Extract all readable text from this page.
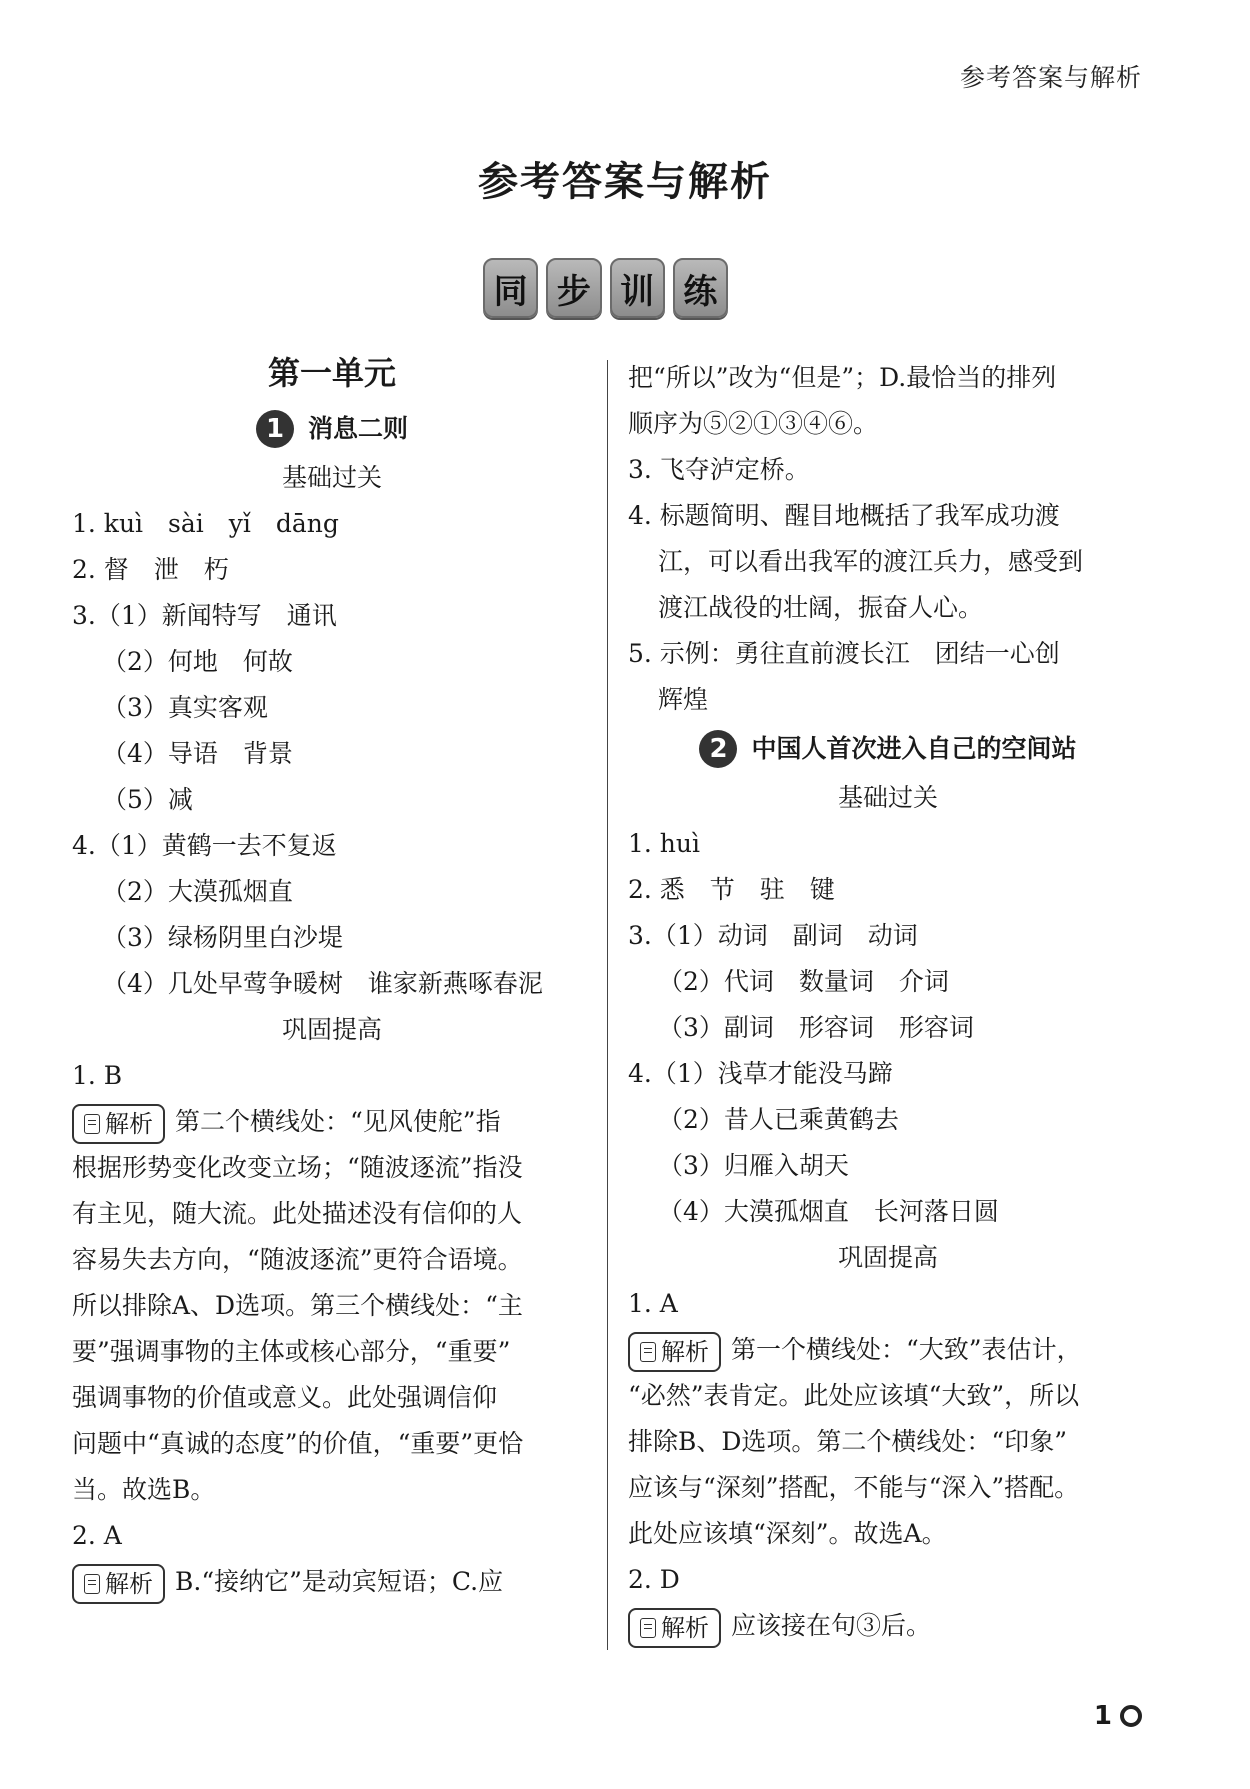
参考答案与解析
参考答案与解析
同 步 训 练
第一单元
1 消息二则
基础过关
1. kuì　sài　yǐ　dāng
2. 督　泄　朽
3.（1）新闻特写　通讯
（2）何地　何故
（3）真实客观
（4）导语　背景
（5）减
4.（1）黄鹤一去不复返
（2）大漠孤烟直
（3）绿杨阴里白沙堤
（4）几处早莺争暖树　谁家新燕啄春泥
巩固提高
1. B
解析 第二个横线处：“见风使舵”指
根据形势变化改变立场；“随波逐流”指没
有主见，随大流。此处描述没有信仰的人
容易失去方向，“随波逐流”更符合语境。
所以排除A、D选项。第三个横线处：“主
要”强调事物的主体或核心部分，“重要”
强调事物的价值或意义。此处强调信仰
问题中“真诚的态度”的价值，“重要”更恰
当。故选B。
2. A
解析 B.“接纳它”是动宾短语；C.应
把“所以”改为“但是”；D.最恰当的排列
顺序为⑤②①③④⑥。
3. 飞夺泸定桥。
4. 标题简明、醒目地概括了我军成功渡
江，可以看出我军的渡江兵力，感受到
渡江战役的壮阔，振奋人心。
5. 示例：勇往直前渡长江　团结一心创
辉煌
2 中国人首次进入自己的空间站
基础过关
1. huì
2. 悉　节　驻　键
3.（1）动词　副词　动词
（2）代词　数量词　介词
（3）副词　形容词　形容词
4.（1）浅草才能没马蹄
（2）昔人已乘黄鹤去
（3）归雁入胡天
（4）大漠孤烟直　长河落日圆
巩固提高
1. A
解析 第一个横线处：“大致”表估计，
“必然”表肯定。此处应该填“大致”，所以
排除B、D选项。第二个横线处：“印象”
应该与“深刻”搭配，不能与“深入”搭配。
此处应该填“深刻”。故选A。
2. D
解析 应该接在句③后。
1
